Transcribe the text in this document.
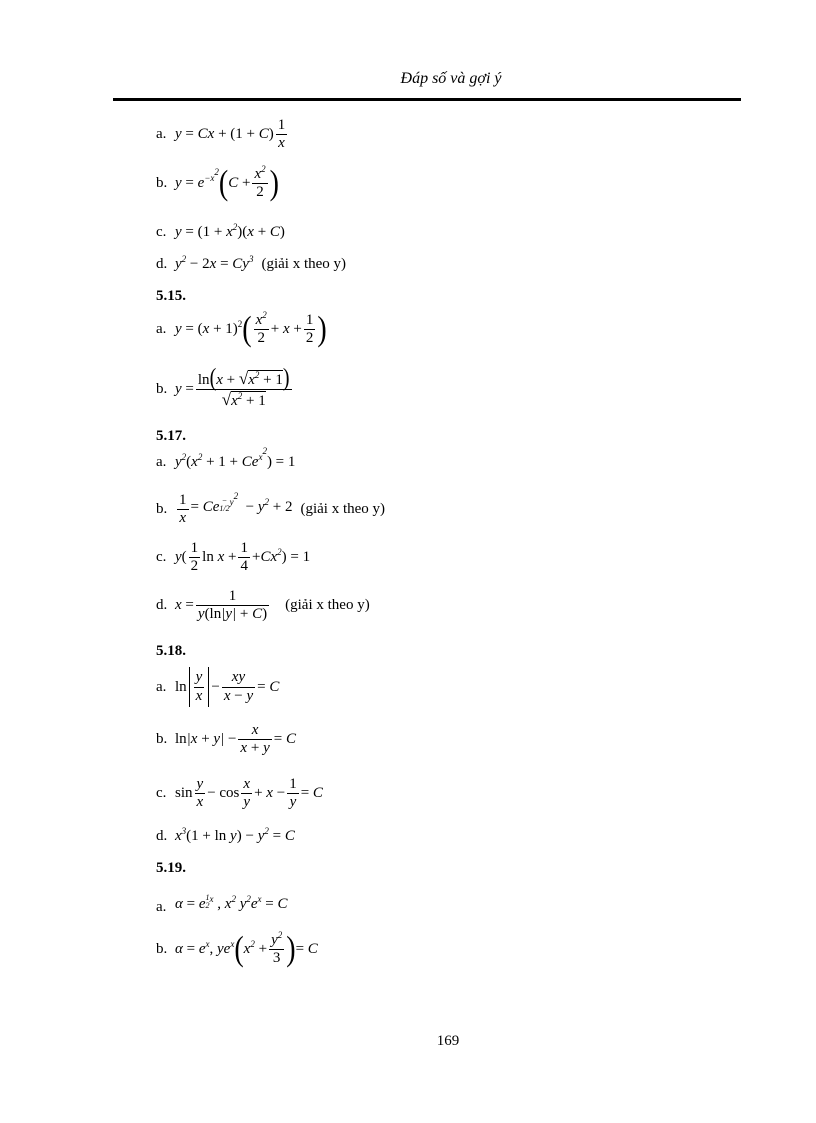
Đáp số và gợi ý
a. $y = Cx + (1 + C) \frac{1}{x}$
b. $y = e^{-x^2}$ ( $C + \frac{x^2}{2}$ )
c. $y = (1 + x^2)(x + C)$
d. $y^2 - 2x = Cy^3$ (giải x theo y)
5.15.
a. $y = (x + 1)^2$ ( $\frac{x^2}{2} + x + \frac{1}{2}$ )
b. $y = \frac{\ln(x + √x^2 + 1)}{√x^2 + 1}$
5.17.
a. $y^2(x^2 + 1 + Ce^{x^2}) = 1$
b. $\frac{1}{x} = Ce$ −
1/2
$^{y^2} - y^2 + 2$ (giải x theo y)
c. $y( \frac{1}{2}$ $\ln x + \frac{1}{4} +Cx^2) = 1$
d. $x = \frac{1}{y(\ln|y| + C)}$ (giải x theo y)
5.18.
a. $\ln \frac{y}{x} - \frac{xy}{x - y} = C$
b. $\ln|x + y| - \frac{x}{x + y} = C$
c. $\sin \frac{y}{x} - \cos \frac{x}{y} + x - \frac{1}{y} = C$
d. $x^3(1 + \ln y) - y^2 = C$
5.19.
a. α = e 1
2
$^x$ , $x^2$ $y^2e^x = C$
b. $\alpha = e^x$, $ye^x$ ( $x^2 + \frac{y^2}{3}$ ) = C
169
